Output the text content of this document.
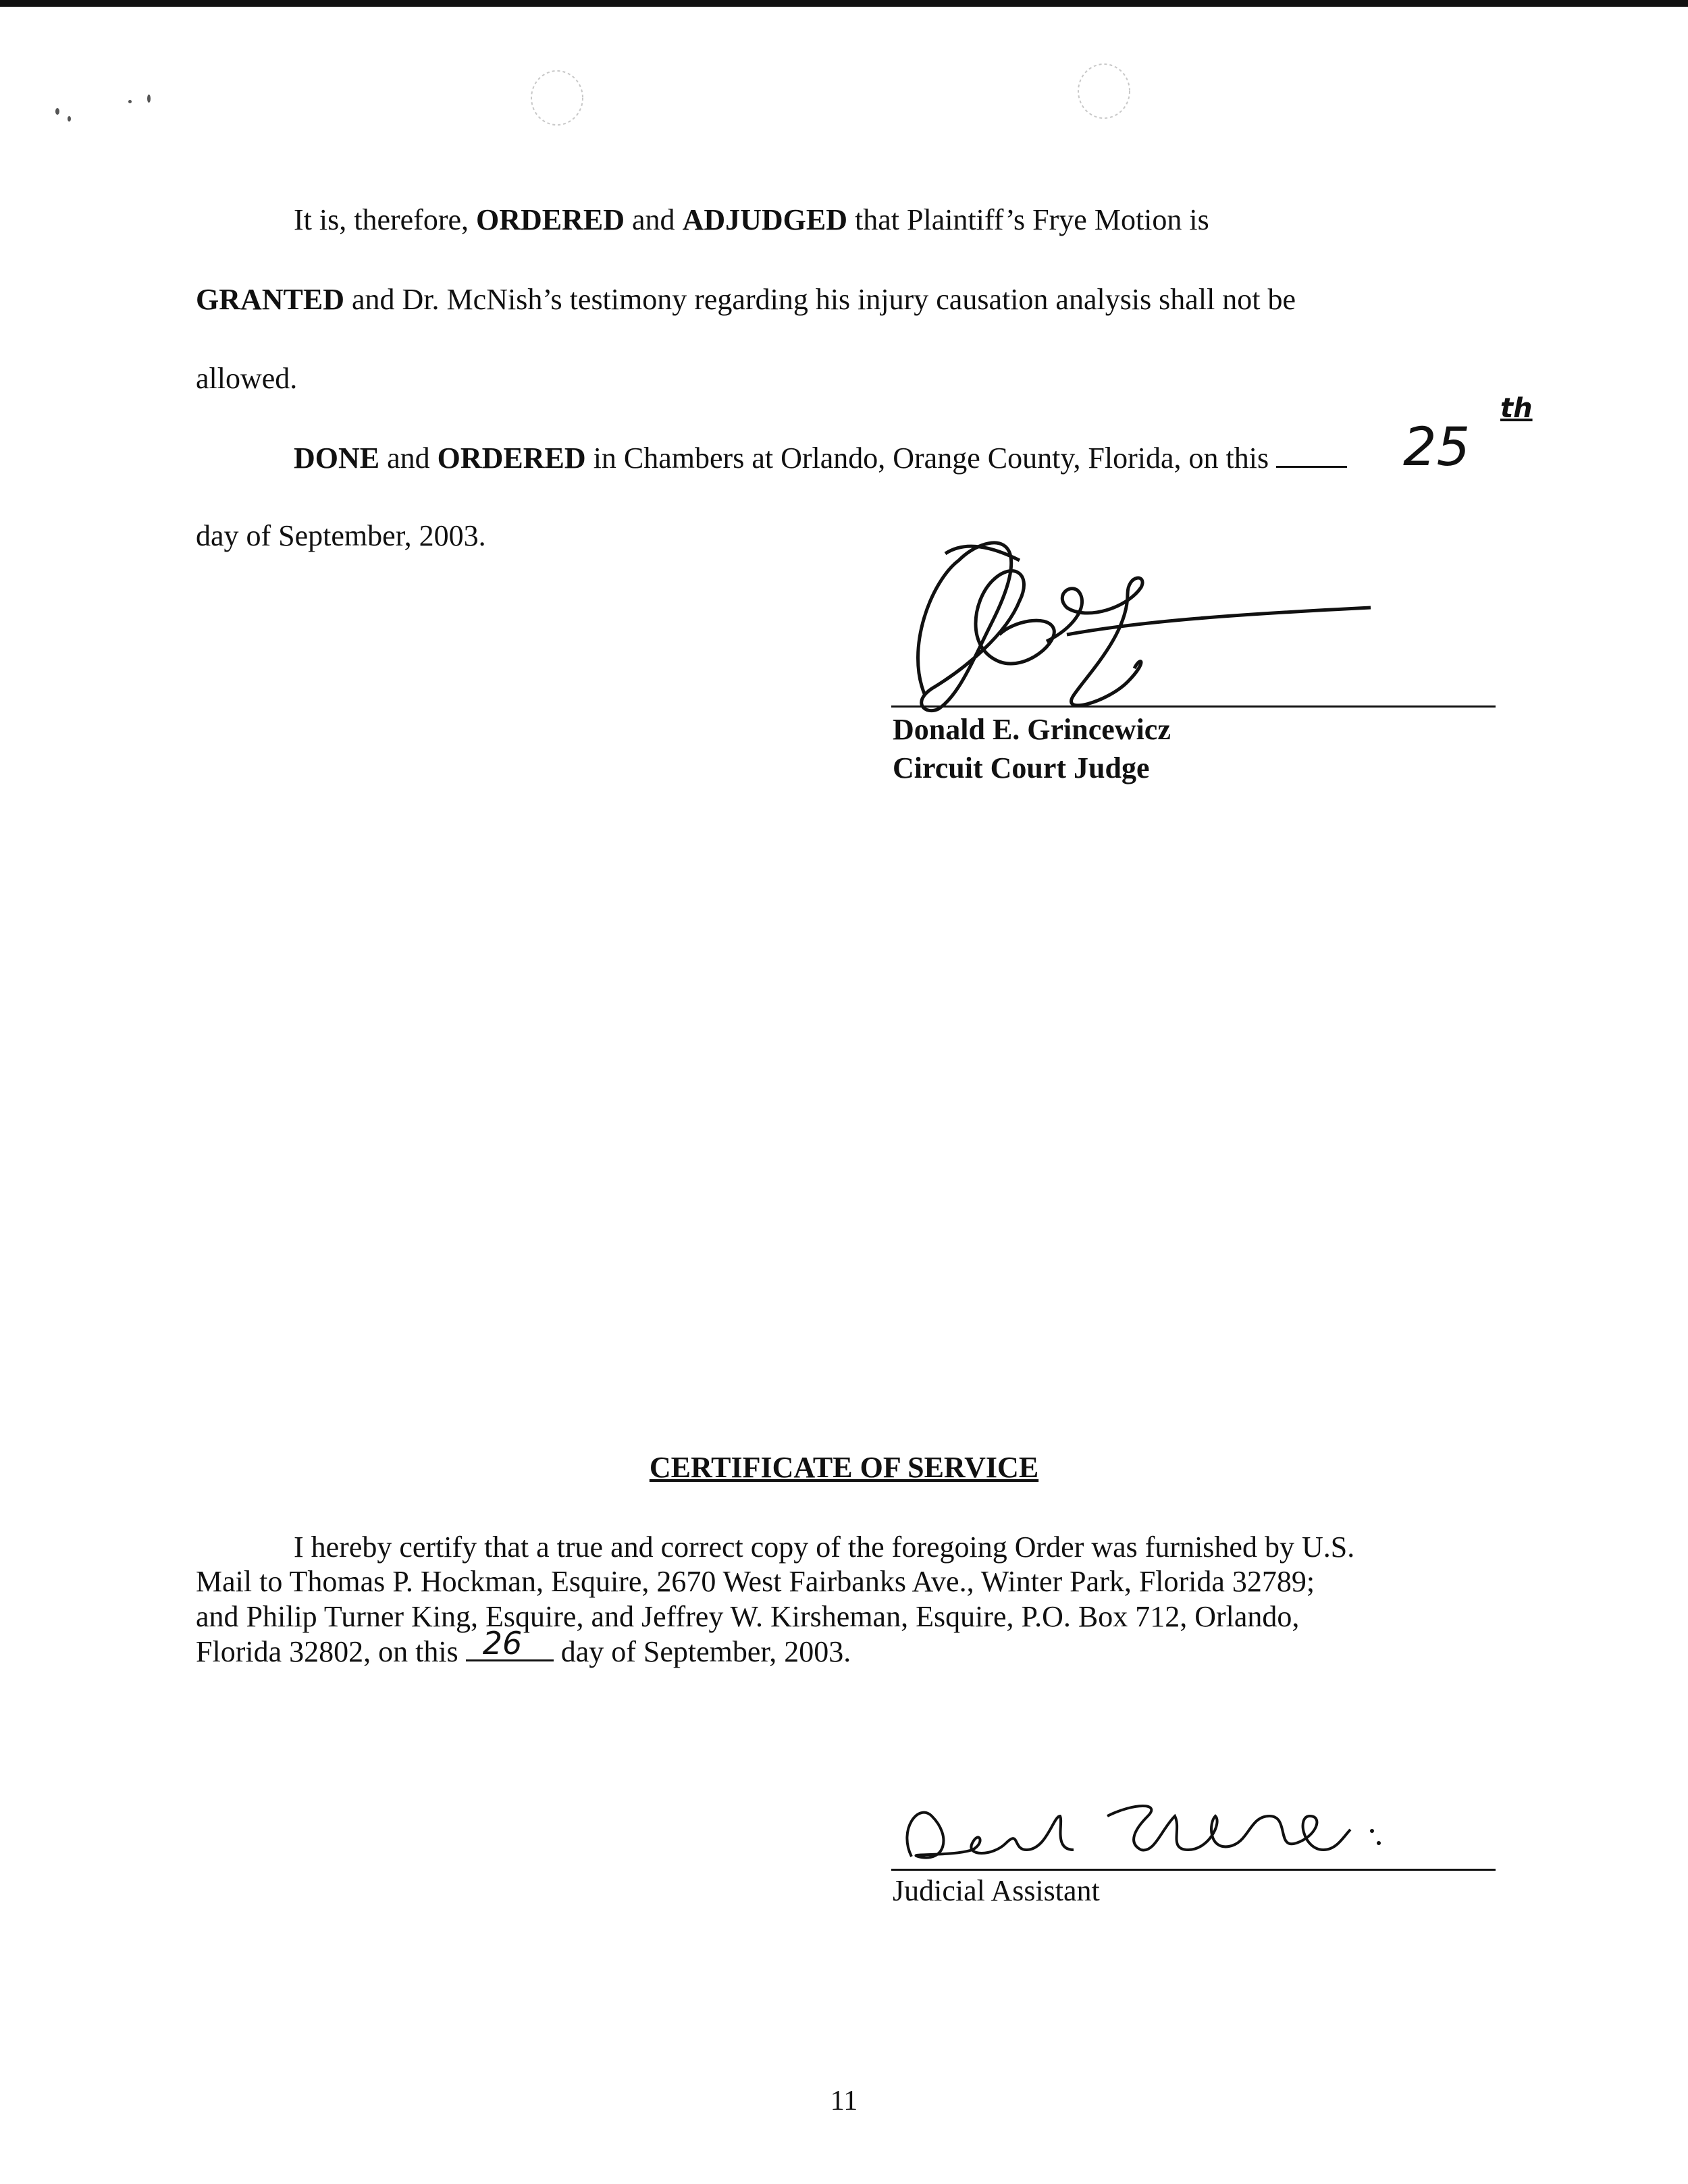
It is, therefore, ORDERED and ADJUDGED that Plaintiff’s Frye Motion is
GRANTED and Dr. McNish’s testimony regarding his injury causation analysis shall not be
allowed.
DONE and ORDERED in Chambers at Orlando, Orange County, Florida, on this
day of September, 2003.
25
th
Donald E. Grincewicz
Circuit Court Judge
CERTIFICATE OF SERVICE
I hereby certify that a true and correct copy of the foregoing Order was furnished by U.S.
Mail to Thomas P. Hockman, Esquire, 2670 West Fairbanks Ave., Winter Park, Florida 32789;
and Philip Turner King, Esquire, and Jeffrey W. Kirsheman, Esquire, P.O. Box 712, Orlando,
Florida 32802, on this 26 day of September, 2003.
Judicial Assistant
11
